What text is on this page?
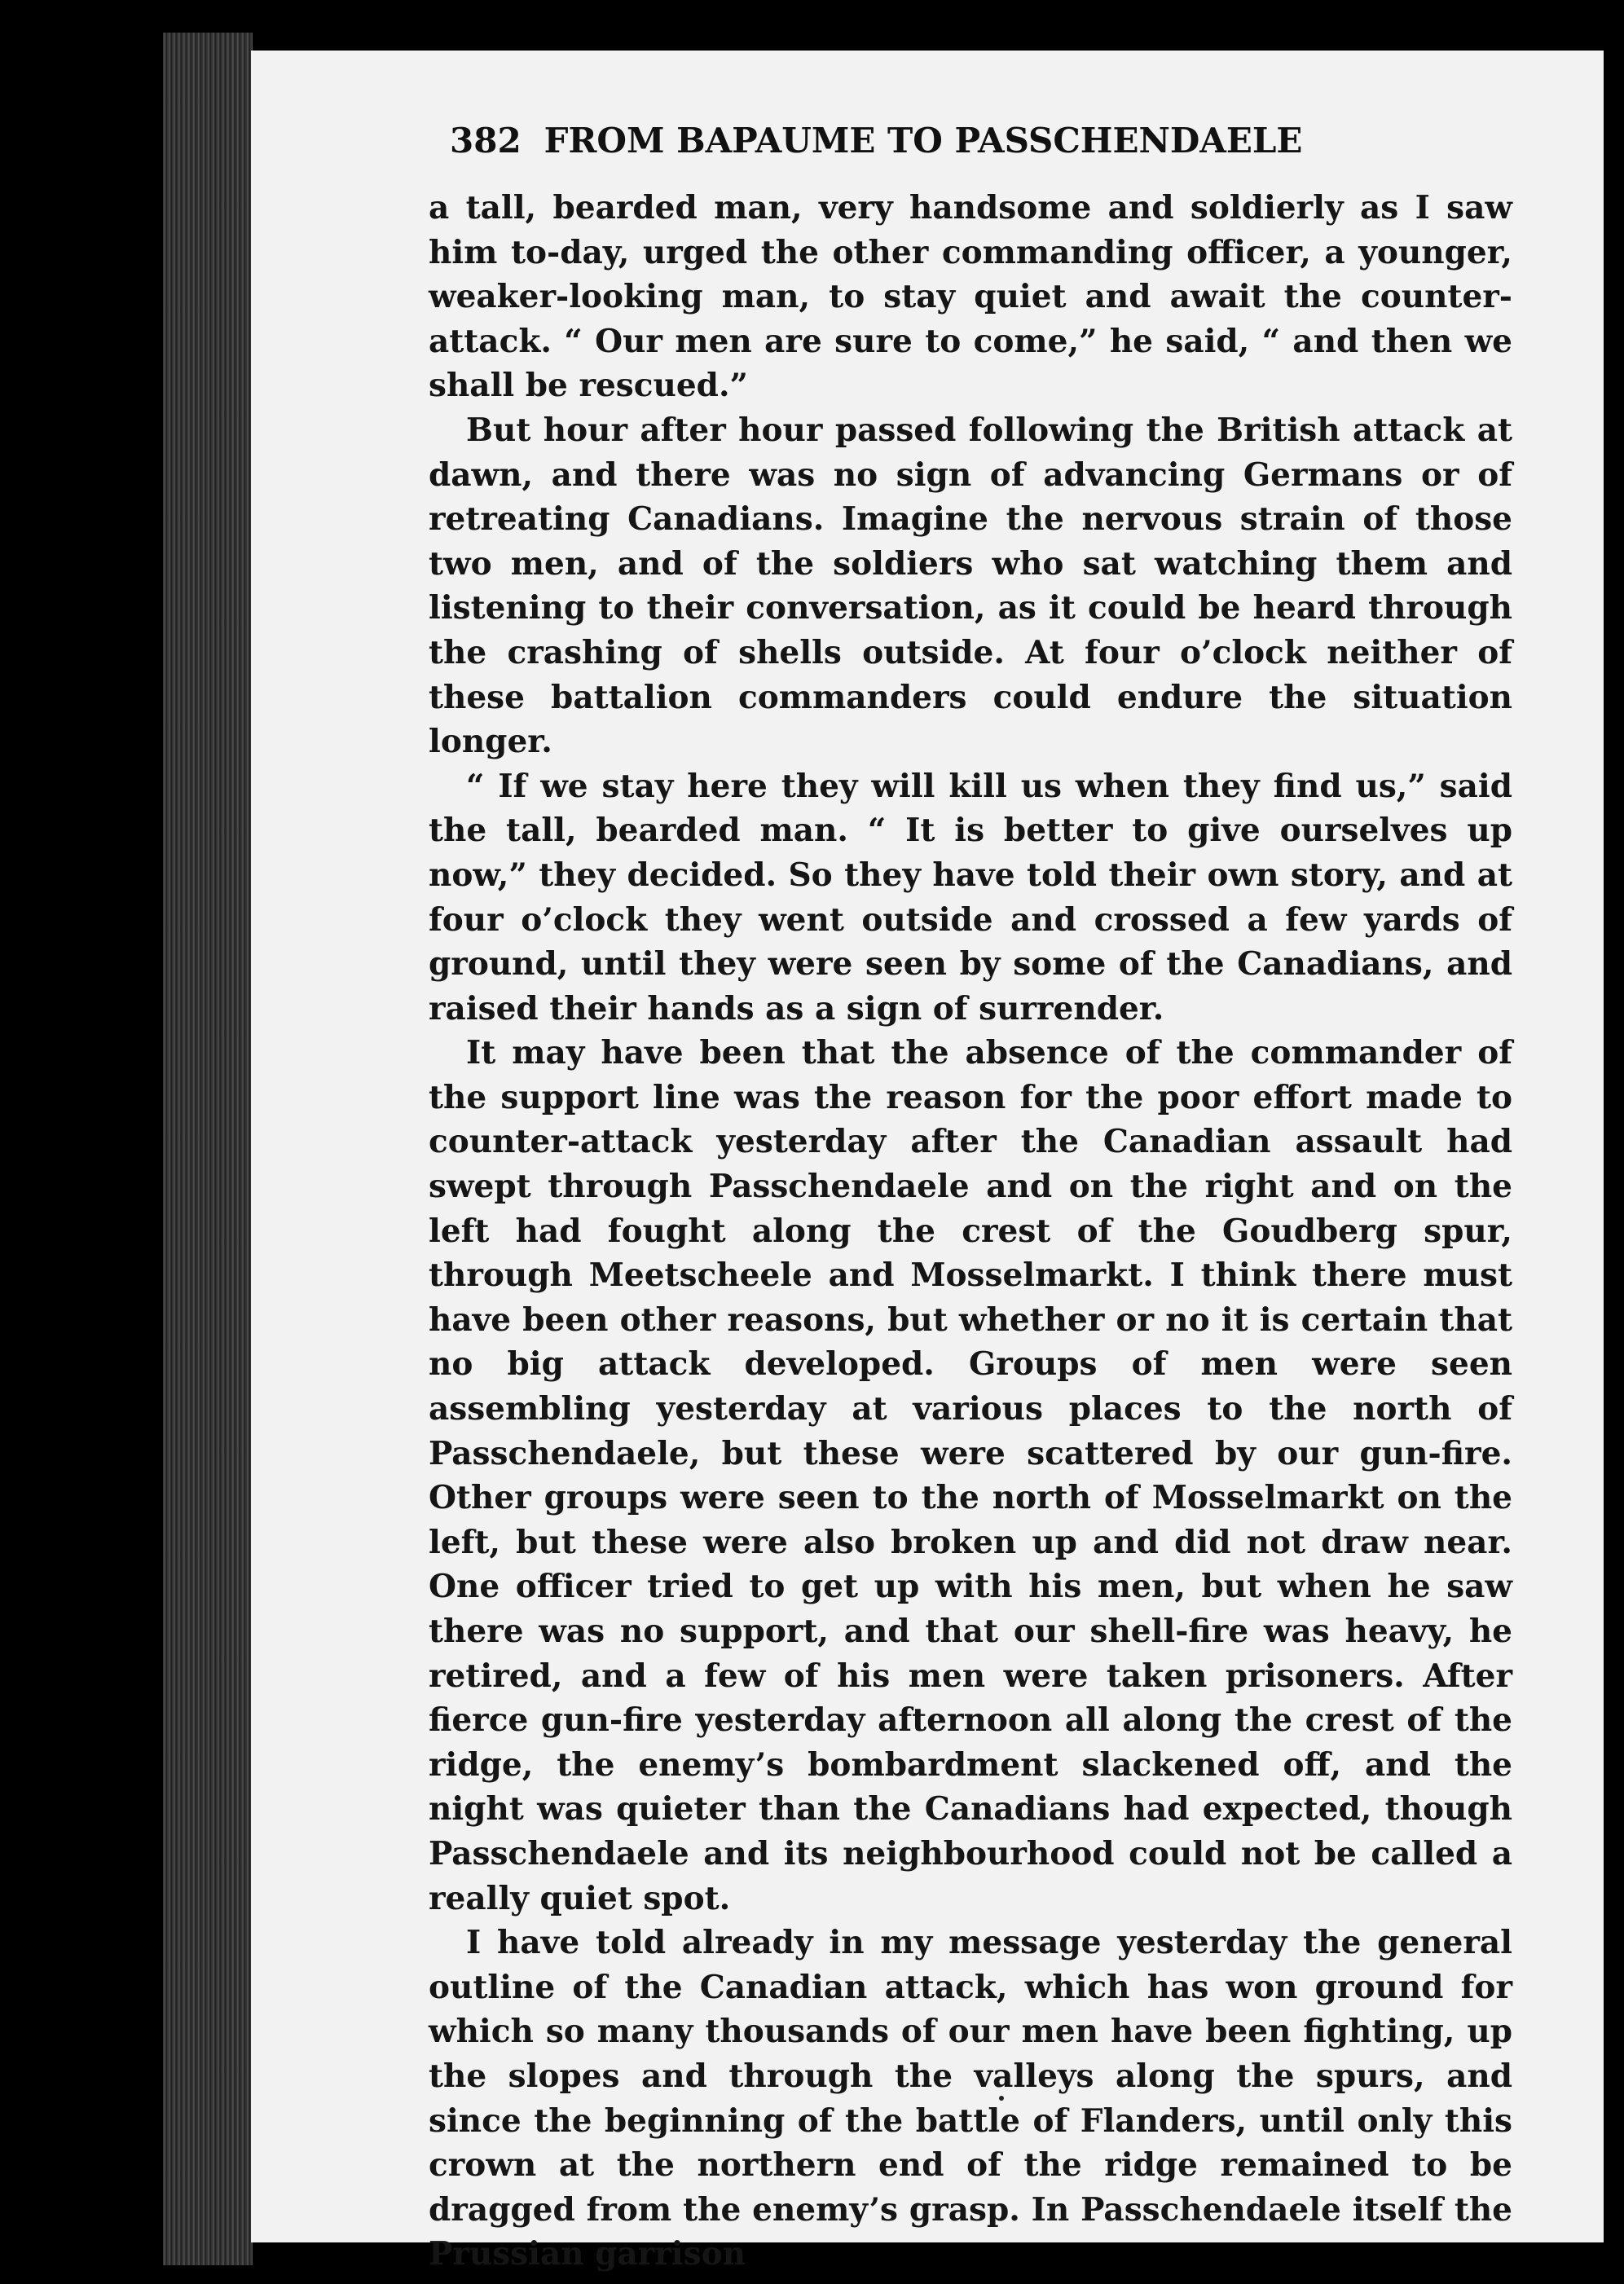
382 FROM BAPAUME TO PASSCHENDAELE

a tall, bearded man, very handsome and soldierly as I saw him to-day, urged the other commanding officer, a younger, weaker-looking man, to stay quiet and await the counter-attack. “ Our men are sure to come,” he said, “ and then we shall be rescued.”

But hour after hour passed following the British attack at dawn, and there was no sign of advancing Germans or of retreating Canadians. Imagine the nervous strain of those two men, and of the soldiers who sat watching them and listening to their conversation, as it could be heard through the crashing of shells outside. At four o’clock neither of these battalion commanders could endure the situation longer.

“ If we stay here they will kill us when they find us,” said the tall, bearded man. “ It is better to give ourselves up now,” they decided. So they have told their own story, and at four o’clock they went outside and crossed a few yards of ground, until they were seen by some of the Canadians, and raised their hands as a sign of surrender.

It may have been that the absence of the commander of the support line was the reason for the poor effort made to counter-attack yesterday after the Canadian assault had swept through Passchendaele and on the right and on the left had fought along the crest of the Goudberg spur, through Meetscheele and Mosselmarkt. I think there must have been other reasons, but whether or no it is certain that no big attack developed. Groups of men were seen assembling yesterday at various places to the north of Passchendaele, but these were scattered by our gun-fire. Other groups were seen to the north of Mosselmarkt on the left, but these were also broken up and did not draw near. One officer tried to get up with his men, but when he saw there was no support, and that our shell-fire was heavy, he retired, and a few of his men were taken prisoners. After fierce gun-fire yesterday afternoon all along the crest of the ridge, the enemy’s bombardment slackened off, and the night was quieter than the Canadians had expected, though Passchendaele and its neighbourhood could not be called a really quiet spot.

I have told already in my message yesterday the general outline of the Canadian attack, which has won ground for which so many thousands of our men have been fighting, up the slopes and through the valleys along the spurs, and since the beginning of the battle of Flanders, until only this crown at the northern end of the ridge remained to be dragged from the enemy’s grasp. In Passchendaele itself the Prussian garrison
